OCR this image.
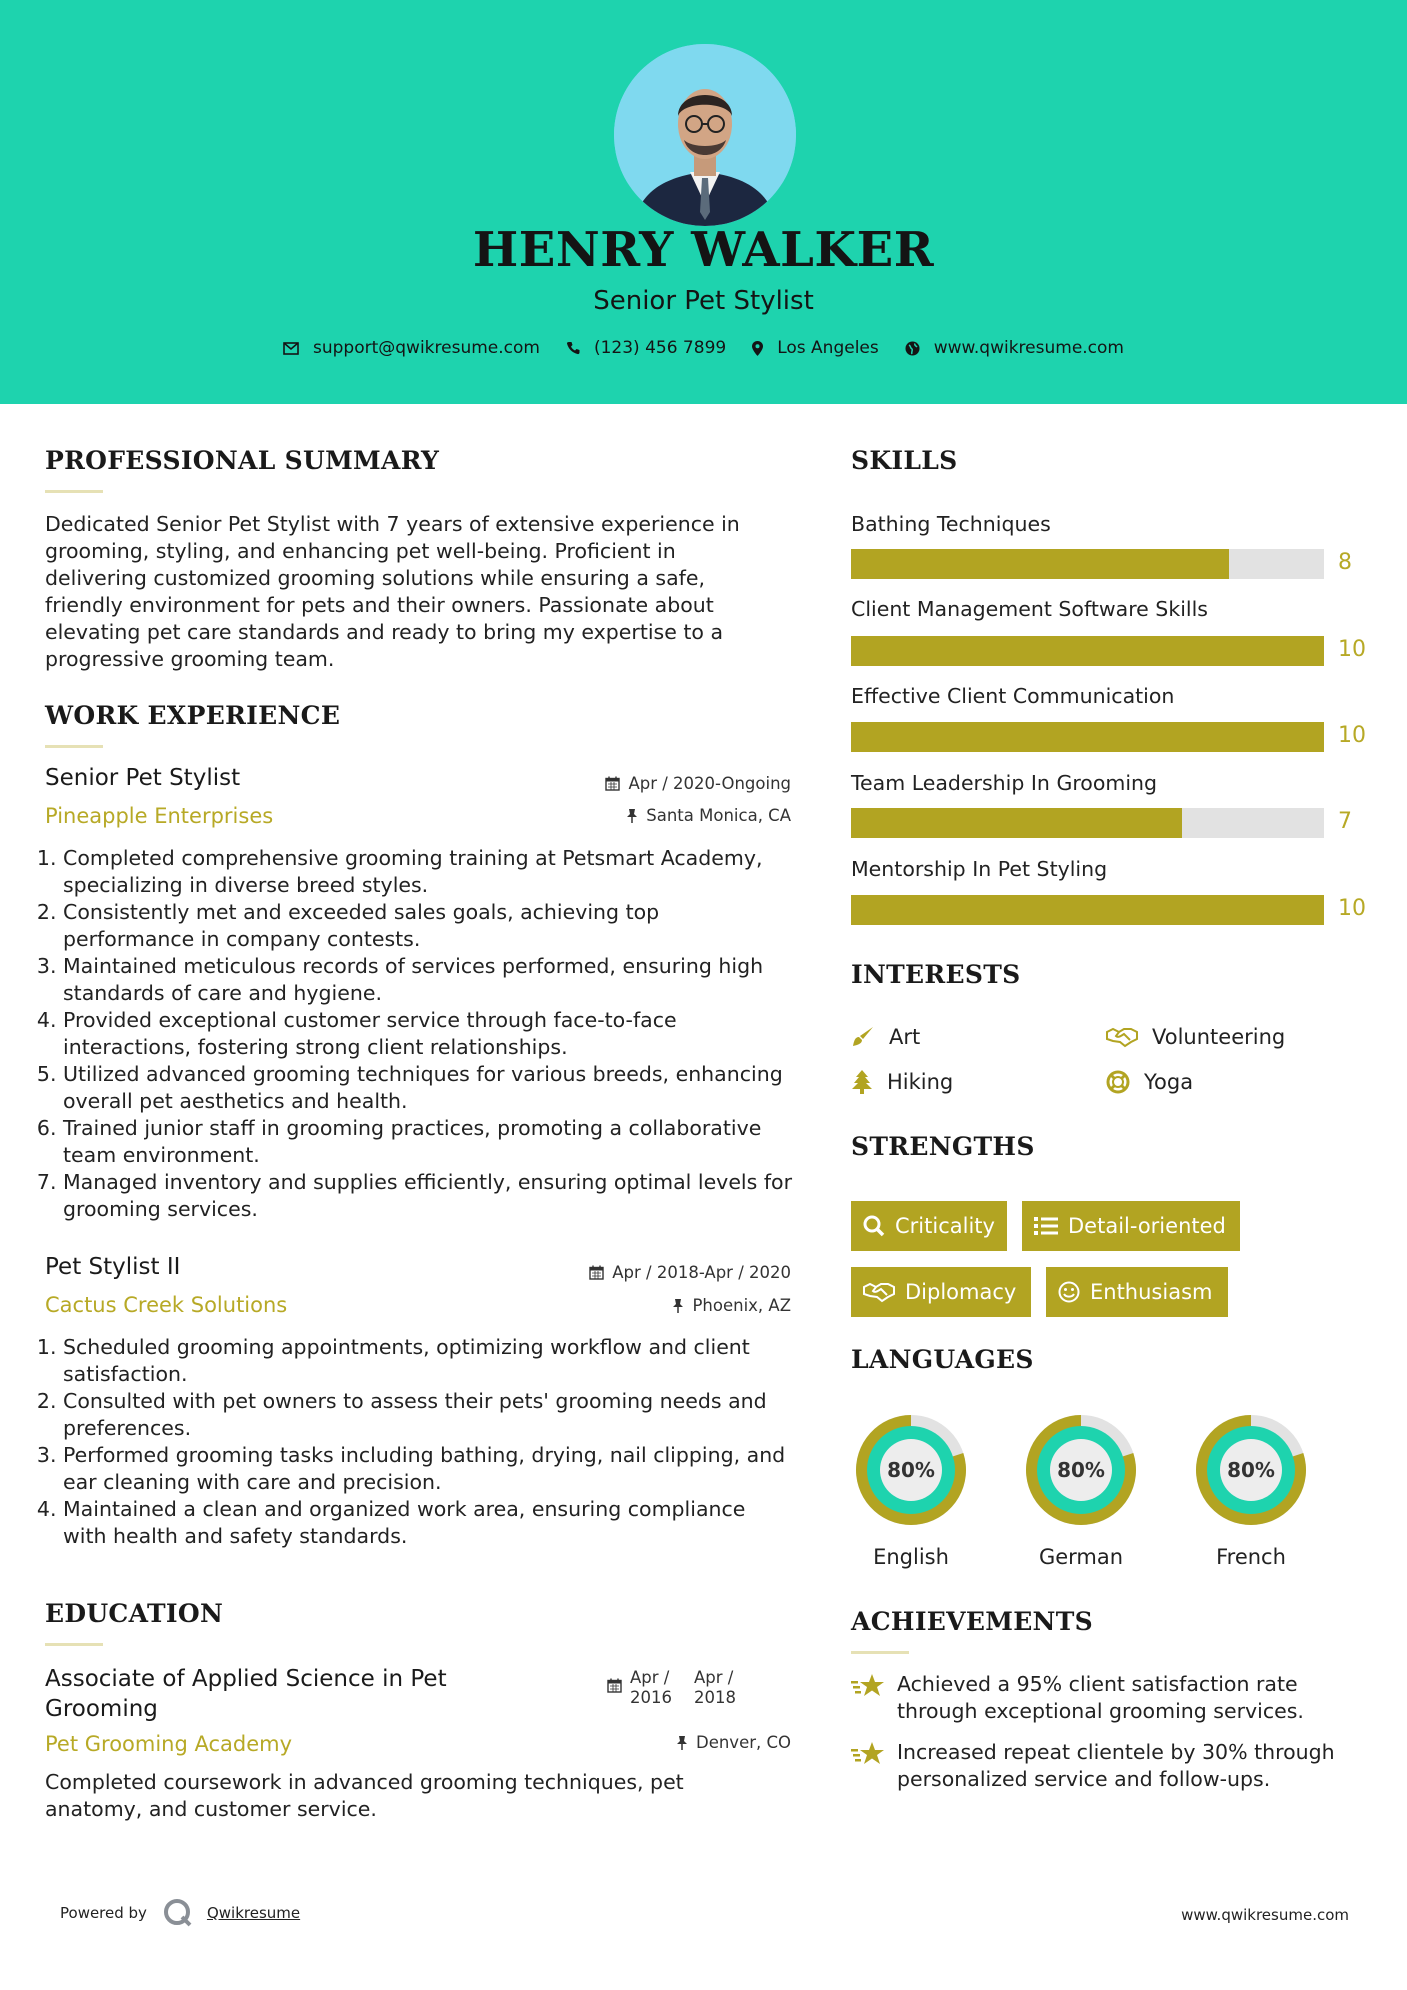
HENRY WALKER
Senior Pet Stylist
support@qwikresume.com	(123) 456 7899	Los Angeles	www.qwikresume.com
PROFESSIONAL SUMMARY
Dedicated Senior Pet Stylist with 7 years of extensive experience in
grooming, styling, and enhancing pet well-being. Proficient in
delivering customized grooming solutions while ensuring a safe,
friendly environment for pets and their owners. Passionate about
elevating pet care standards and ready to bring my expertise to a
progressive grooming team.
WORK EXPERIENCE
Senior Pet Stylist	Apr / 2020-Ongoing
Pineapple Enterprises	Santa Monica, CA
1. Completed comprehensive grooming training at Petsmart Academy, specializing in diverse breed styles.
2. Consistently met and exceeded sales goals, achieving top performance in company contests.
3. Maintained meticulous records of services performed, ensuring high standards of care and hygiene.
4. Provided exceptional customer service through face-to-face interactions, fostering strong client relationships.
5. Utilized advanced grooming techniques for various breeds, enhancing overall pet aesthetics and health.
6. Trained junior staff in grooming practices, promoting a collaborative team environment.
7. Managed inventory and supplies efficiently, ensuring optimal levels for grooming services.
Pet Stylist II	Apr / 2018-Apr / 2020
Cactus Creek Solutions	Phoenix, AZ
1. Scheduled grooming appointments, optimizing workflow and client satisfaction.
2. Consulted with pet owners to assess their pets' grooming needs and preferences.
3. Performed grooming tasks including bathing, drying, nail clipping, and ear cleaning with care and precision.
4. Maintained a clean and organized work area, ensuring compliance with health and safety standards.
EDUCATION
Associate of Applied Science in Pet Grooming
Apr / 2016
Apr / 2018
Pet Grooming Academy	Denver, CO
Completed coursework in advanced grooming techniques, pet anatomy, and customer service.
SKILLS
Bathing Techniques
8
Client Management Software Skills
10
Effective Client Communication
10
Team Leadership In Grooming
7
Mentorship In Pet Styling
10
INTERESTS
Art	Volunteering
Hiking	Yoga
STRENGTHS
Criticality	Detail-oriented
Diplomacy	Enthusiasm
LANGUAGES
80%
English
80%
German
80%
French
ACHIEVEMENTS
Achieved a 95% client satisfaction rate through exceptional grooming services.
Increased repeat clientele by 30% through personalized service and follow-ups.
Powered by	Qwikresume	www.qwikresume.com
